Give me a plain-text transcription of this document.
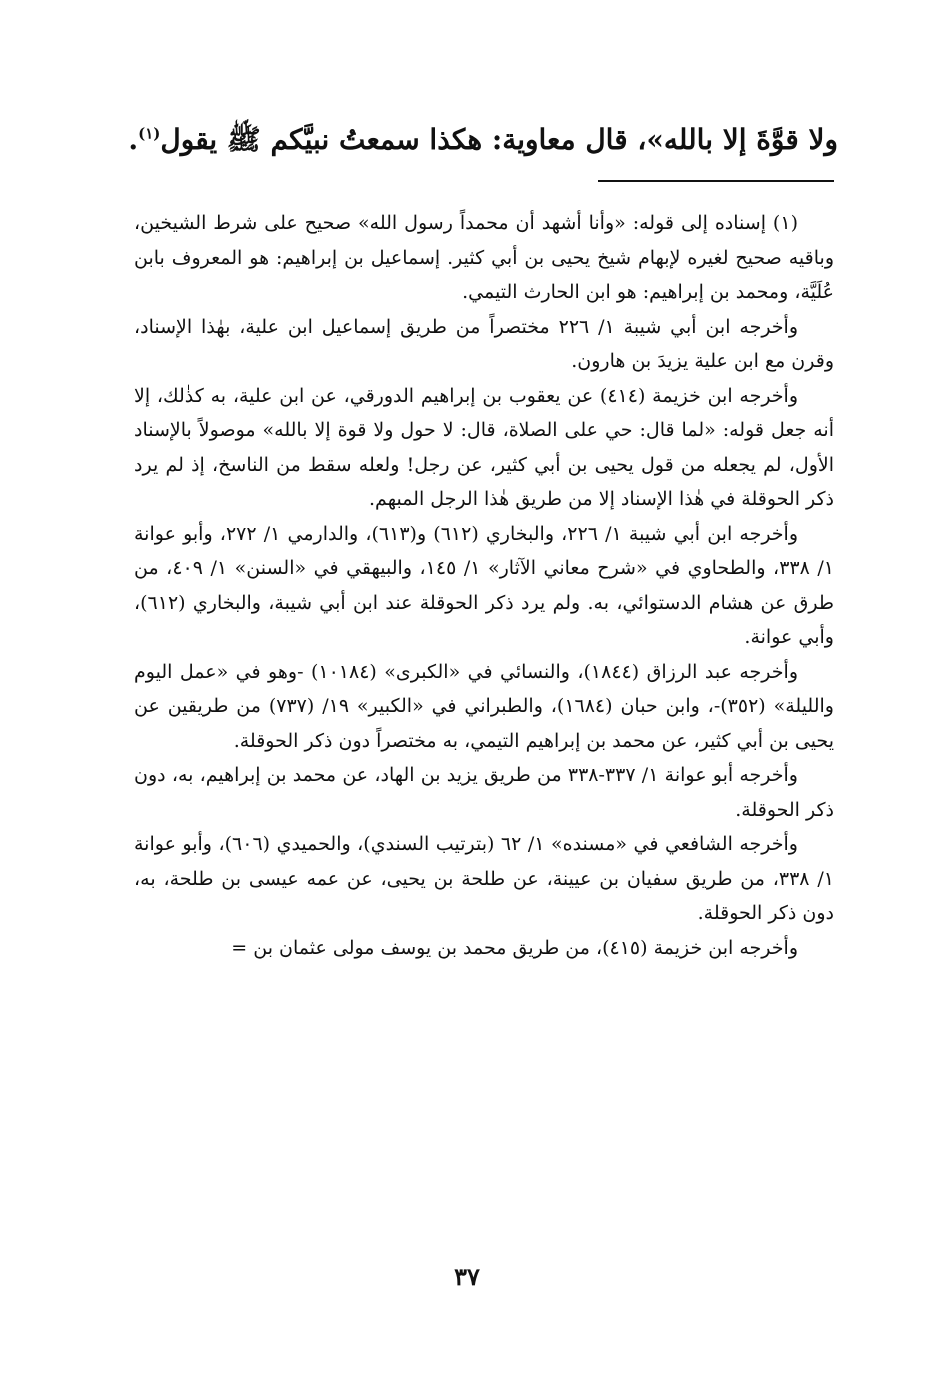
ولا قوَّةَ إلا بالله»، قال معاوية: هكذا سمعتُ نبيَّكم ﷺ يقول$^{(١)}$.

(١) إسناده إلى قوله: «وأنا أشهد أن محمداً رسول الله» صحيح على شرط الشيخين، وباقيه صحيح لغيره لإبهام شيخ يحيى بن أبي كثير. إسماعيل بن إبراهيم: هو المعروف بابن عُلَيَّة، ومحمد بن إبراهيم: هو ابن الحارث التيمي.

وأخرجه ابن أبي شيبة ١/ ٢٢٦ مختصراً من طريق إسماعيل ابن علية، بهٰذا الإسناد، وقرن مع ابن علية يزيدَ بن هارون.

وأخرجه ابن خزيمة (٤١٤) عن يعقوب بن إبراهيم الدورقي، عن ابن علية، به كذٰلك، إلا أنه جعل قوله: «لما قال: حي على الصلاة، قال: لا حول ولا قوة إلا بالله» موصولاً بالإسناد الأول، لم يجعله من قول يحيى بن أبي كثير، عن رجل! ولعله سقط من الناسخ، إذ لم يرد ذكر الحوقلة في هٰذا الإسناد إلا من طريق هٰذا الرجل المبهم.

وأخرجه ابن أبي شيبة ١/ ٢٢٦، والبخاري (٦١٢) و(٦١٣)، والدارمي ١/ ٢٧٢، وأبو عوانة ١/ ٣٣٨، والطحاوي في «شرح معاني الآثار» ١/ ١٤٥، والبيهقي في «السنن» ١/ ٤٠٩، من طرق عن هشام الدستوائي، به. ولم يرد ذكر الحوقلة عند ابن أبي شيبة، والبخاري (٦١٢)، وأبي عوانة.

وأخرجه عبد الرزاق (١٨٤٤)، والنسائي في «الكبرى» (١٠١٨٤) -وهو في «عمل اليوم والليلة» (٣٥٢)-، وابن حبان (١٦٨٤)، والطبراني في «الكبير» ١٩/ (٧٣٧) من طريقين عن يحيى بن أبي كثير، عن محمد بن إبراهيم التيمي، به مختصراً دون ذكر الحوقلة.

وأخرجه أبو عوانة ١/ ٣٣٧-٣٣٨ من طريق يزيد بن الهاد، عن محمد بن إبراهيم، به، دون ذكر الحوقلة.

وأخرجه الشافعي في «مسنده» ١/ ٦٢ (بترتيب السندي)، والحميدي (٦٠٦)، وأبو عوانة ١/ ٣٣٨، من طريق سفيان بن عيينة، عن طلحة بن يحيى، عن عمه عيسى بن طلحة، به، دون ذكر الحوقلة.

وأخرجه ابن خزيمة (٤١٥)، من طريق محمد بن يوسف مولى عثمان بن =

٣٧
